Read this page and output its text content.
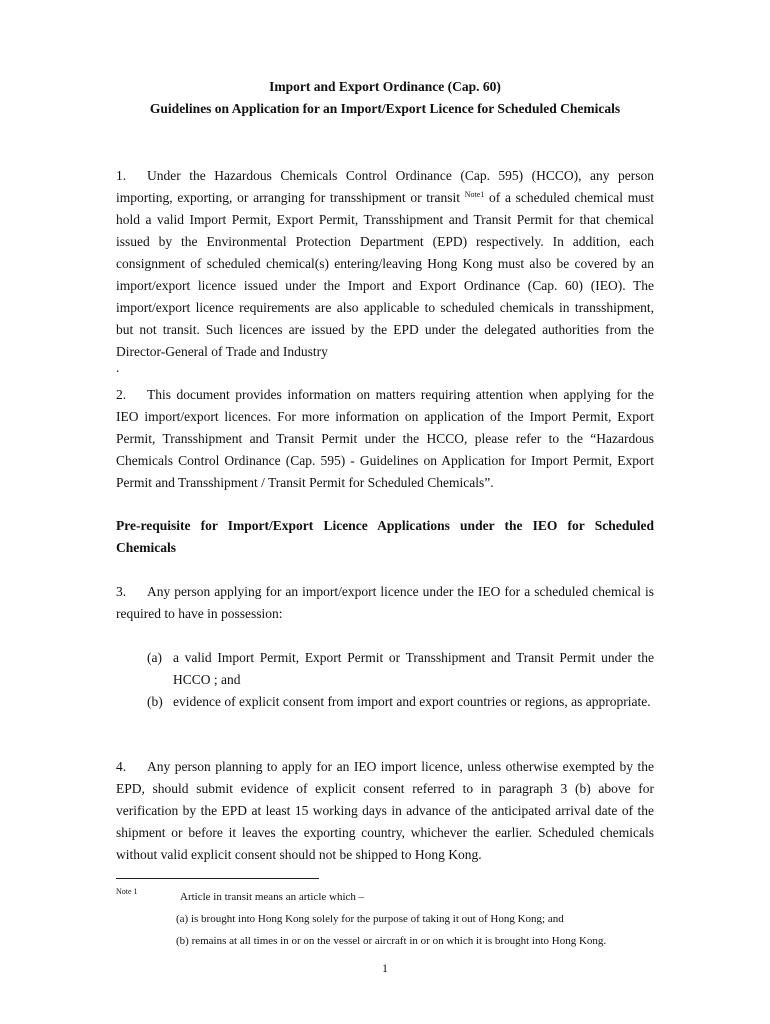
Import and Export Ordinance (Cap. 60)
Guidelines on Application for an Import/Export Licence for Scheduled Chemicals

1. Under the Hazardous Chemicals Control Ordinance (Cap. 595) (HCCO), any person importing, exporting, or arranging for transshipment or transit $^{Note1}$ of a scheduled chemical must hold a valid Import Permit, Export Permit, Transshipment and Transit Permit for that chemical issued by the Environmental Protection Department (EPD) respectively. In addition, each consignment of scheduled chemical(s) entering/leaving Hong Kong must also be covered by an import/export licence issued under the Import and Export Ordinance (Cap. 60) (IEO). The import/export licence requirements are also applicable to scheduled chemicals in transshipment, but not transit. Such licences are issued by the EPD under the delegated authorities from the Director-General of Trade and Industry

.

2. This document provides information on matters requiring attention when applying for the IEO import/export licences. For more information on application of the Import Permit, Export Permit, Transshipment and Transit Permit under the HCCO, please refer to the “Hazardous Chemicals Control Ordinance (Cap. 595) - Guidelines on Application for Import Permit, Export Permit and Transshipment / Transit Permit for Scheduled Chemicals”.

Pre-requisite for Import/Export Licence Applications under the IEO for Scheduled Chemicals

3. Any person applying for an import/export licence under the IEO for a scheduled chemical is required to have in possession:

(a) a valid Import Permit, Export Permit or Transshipment and Transit Permit under the HCCO ; and
(b) evidence of explicit consent from import and export countries or regions, as appropriate.

4. Any person planning to apply for an IEO import licence, unless otherwise exempted by the EPD, should submit evidence of explicit consent referred to in paragraph 3 (b) above for verification by the EPD at least 15 working days in advance of the anticipated arrival date of the shipment or before it leaves the exporting country, whichever the earlier. Scheduled chemicals without valid explicit consent should not be shipped to Hong Kong.

Note 1	Article in transit means an article which –
(a) is brought into Hong Kong solely for the purpose of taking it out of Hong Kong; and
(b) remains at all times in or on the vessel or aircraft in or on which it is brought into Hong Kong.
1
